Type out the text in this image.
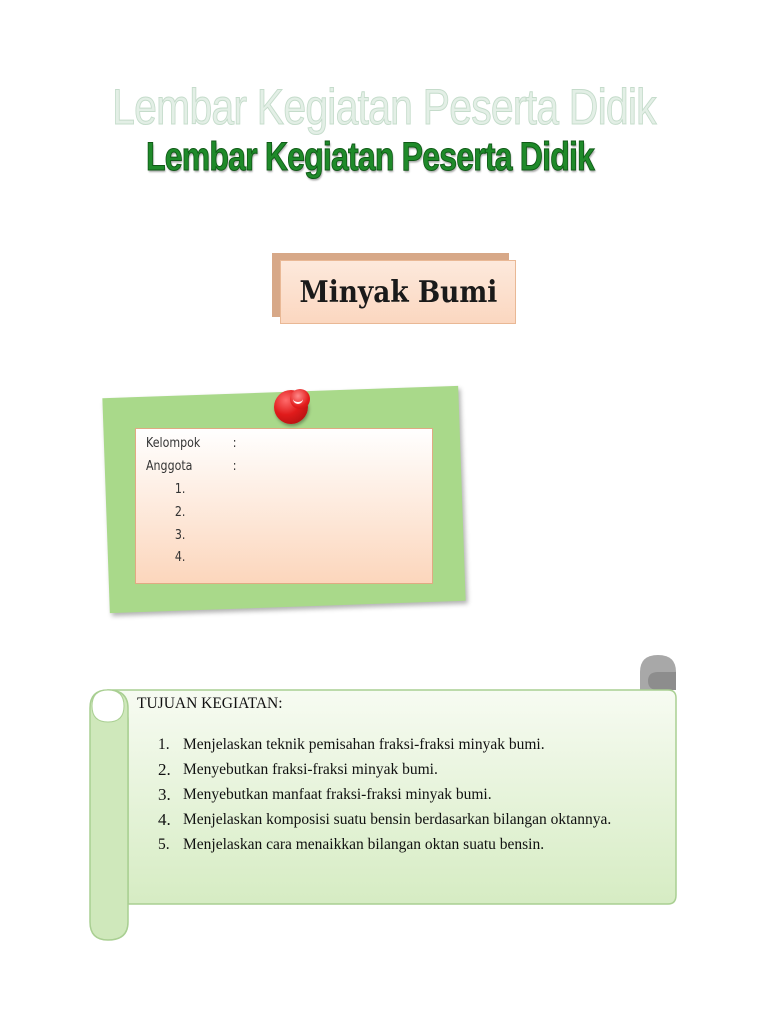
Lembar Kegiatan Peserta Didik
Lembar Kegiatan Peserta Didik
Minyak Bumi
Kelompok :
Anggota	:
1.
2.
3.
4.
TUJUAN KEGIATAN:
1. Menjelaskan teknik pemisahan fraksi-fraksi minyak bumi.
2. Menyebutkan fraksi-fraksi minyak bumi.
3. Menyebutkan manfaat fraksi-fraksi minyak bumi.
4. Menjelaskan komposisi suatu bensin berdasarkan bilangan oktannya.
5. Menjelaskan cara menaikkan bilangan oktan suatu bensin.
